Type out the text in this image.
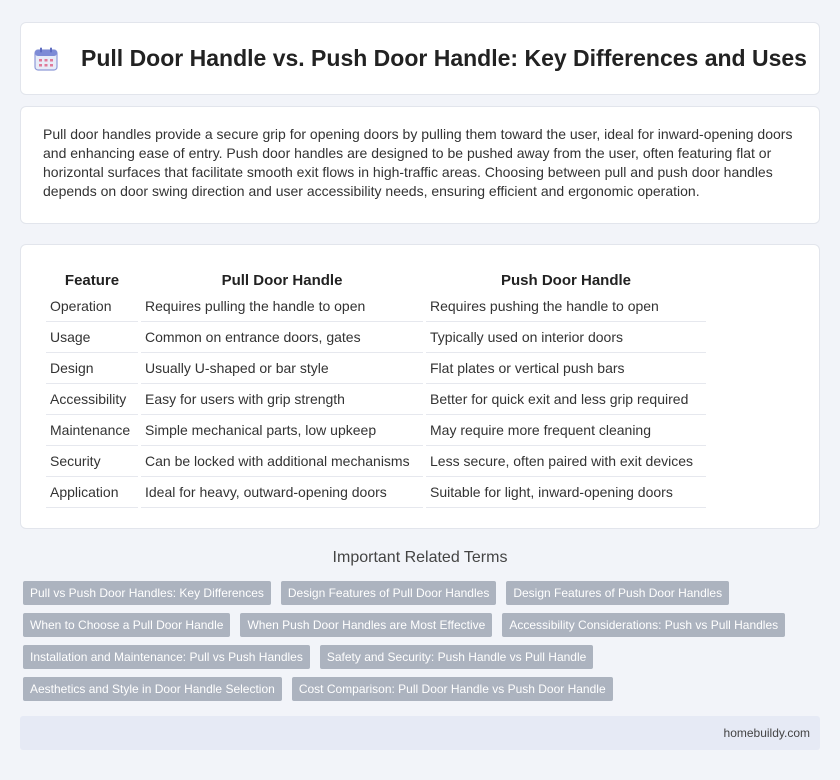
Pull Door Handle vs. Push Door Handle: Key Differences and Uses

Pull door handles provide a secure grip for opening doors by pulling them toward the user, ideal for inward-opening doors and enhancing ease of entry. Push door handles are designed to be pushed away from the user, often featuring flat or horizontal surfaces that facilitate smooth exit flows in high-traffic areas. Choosing between pull and push door handles depends on door swing direction and user accessibility needs, ensuring efficient and ergonomic operation.

Feature	Pull Door Handle	Push Door Handle
Operation	Requires pulling the handle to open	Requires pushing the handle to open
Usage	Common on entrance doors, gates	Typically used on interior doors
Design	Usually U-shaped or bar style	Flat plates or vertical push bars
Accessibility	Easy for users with grip strength	Better for quick exit and less grip required
Maintenance	Simple mechanical parts, low upkeep	May require more frequent cleaning
Security	Can be locked with additional mechanisms	Less secure, often paired with exit devices
Application	Ideal for heavy, outward-opening doors	Suitable for light, inward-opening doors
Important Related Terms
Pull vs Push Door Handles: Key Differences	Design Features of Pull Door Handles	Design Features of Push Door Handles
When to Choose a Pull Door Handle	When Push Door Handles are Most Effective	Accessibility Considerations: Push vs Pull Handles
Installation and Maintenance: Pull vs Push Handles	Safety and Security: Push Handle vs Pull Handle
Aesthetics and Style in Door Handle Selection	Cost Comparison: Pull Door Handle vs Push Door Handle
homebuildy.com
